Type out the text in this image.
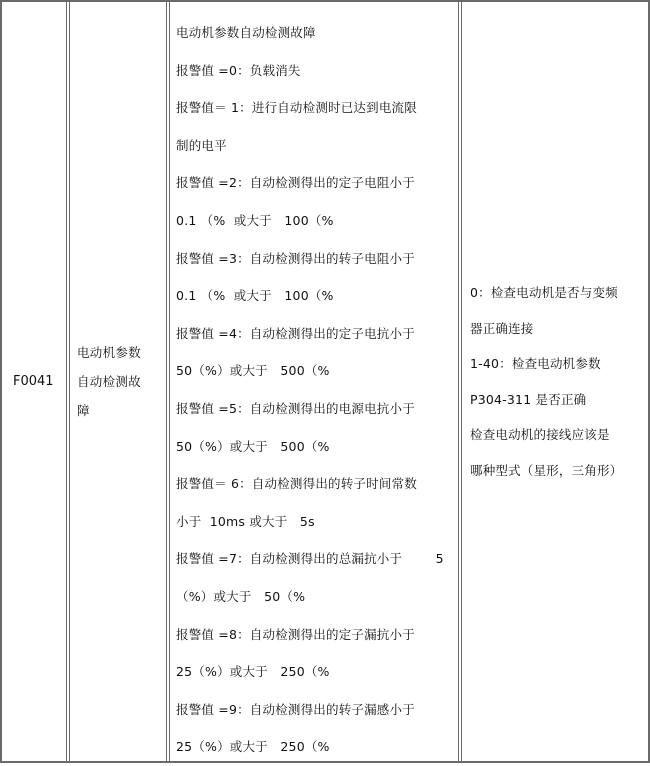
F0041
电动机参数
自动检测故
障
电动机参数自动检测故障
报警值 =0：负载消失
报警值＝ 1：进行自动检测时已达到电流限
制的电平
报警值 =2：自动检测得出的定子电阻小于
0.1 （%  或大于   100（%
报警值 =3：自动检测得出的转子电阻小于
0.1 （%  或大于   100（%
报警值 =4：自动检测得出的定子电抗小于
50（%）或大于   500（%
报警值 =5：自动检测得出的电源电抗小于
50（%）或大于   500（%
报警值＝ 6：自动检测得出的转子时间常数
小于  10ms 或大于   5s
报警值 =7：自动检测得出的总漏抗小于        5
（%）或大于   50（%
报警值 =8：自动检测得出的定子漏抗小于
25（%）或大于   250（%
报警值 =9：自动检测得出的转子漏感小于
25（%）或大于   250（%
0：检查电动机是否与变频
器正确连接
1-40：检查电动机参数
P304-311 是否正确
检查电动机的接线应该是
哪种型式（星形，三角形）
